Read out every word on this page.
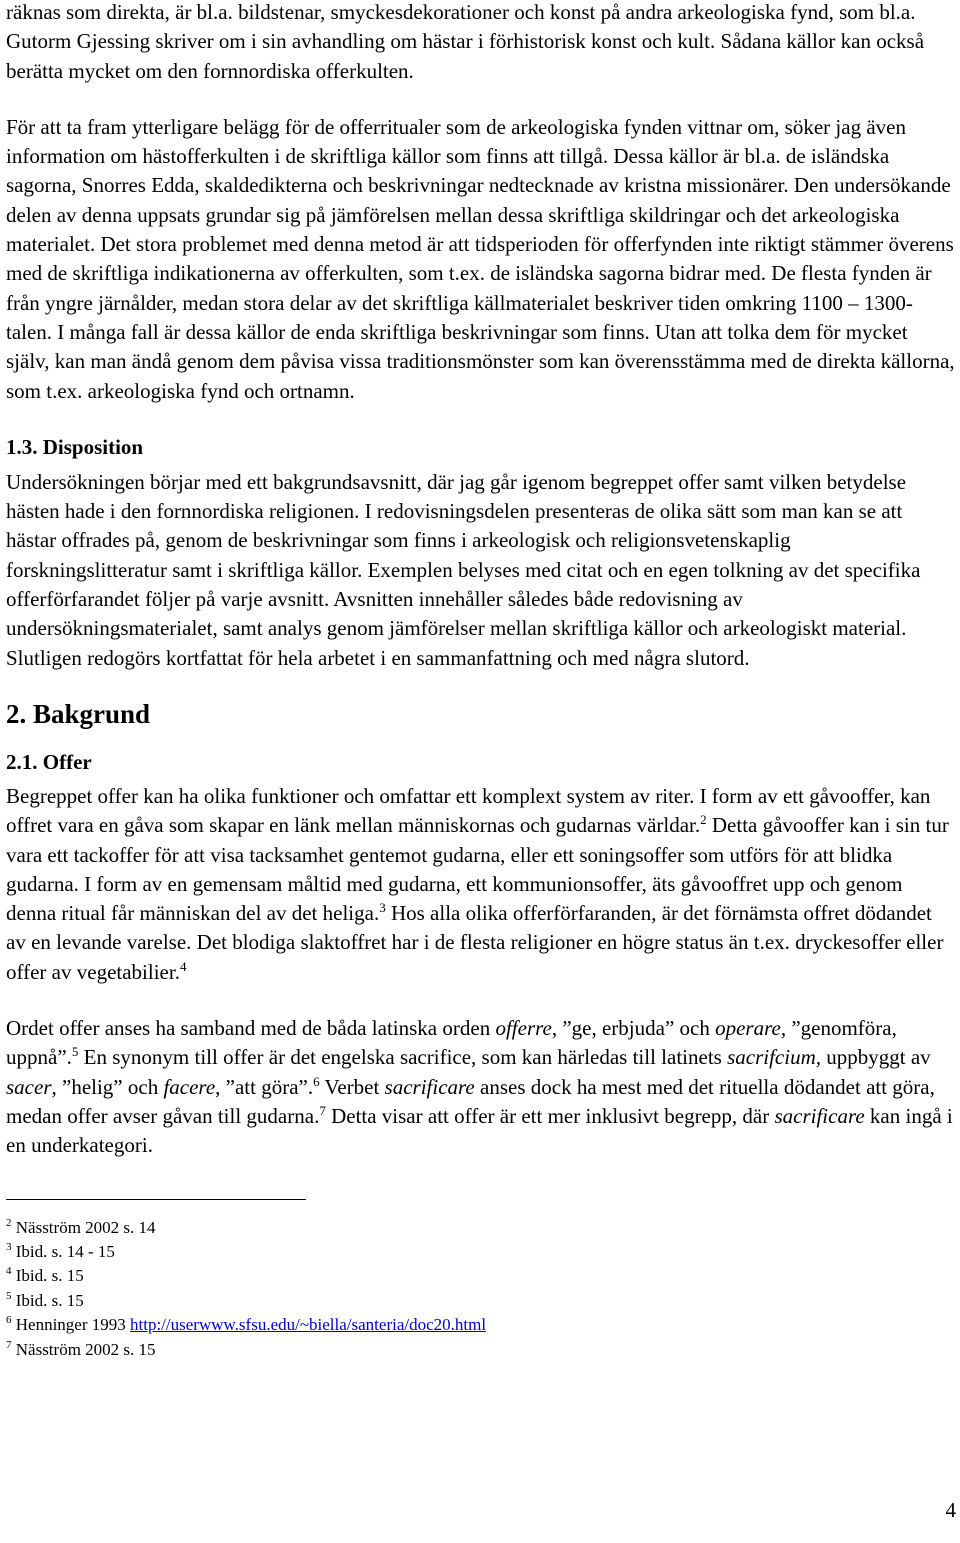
räknas som direkta, är bl.a. bildstenar, smyckesdekorationer och konst på andra arkeologiska fynd, som bl.a. Gutorm Gjessing skriver om i sin avhandling om hästar i förhistorisk konst och kult. Sådana källor kan också berätta mycket om den fornnordiska offerkulten.

För att ta fram ytterligare belägg för de offerritualer som de arkeologiska fynden vittnar om, söker jag även information om hästofferkulten i de skriftliga källor som finns att tillgå. Dessa källor är bl.a. de isländska sagorna, Snorres Edda, skaldedikterna och beskrivningar nedtecknade av kristna missionärer. Den undersökande delen av denna uppsats grundar sig på jämförelsen mellan dessa skriftliga skildringar och det arkeologiska materialet. Det stora problemet med denna metod är att tidsperioden för offerfynden inte riktigt stämmer överens med de skriftliga indikationerna av offerkulten, som t.ex. de isländska sagorna bidrar med. De flesta fynden är från yngre järnålder, medan stora delar av det skriftliga källmaterialet beskriver tiden omkring 1100 – 1300-talen. I många fall är dessa källor de enda skriftliga beskrivningar som finns. Utan att tolka dem för mycket själv, kan man ändå genom dem påvisa vissa traditionsmönster som kan överensstämma med de direkta källorna, som t.ex. arkeologiska fynd och ortnamn.

1.3. Disposition

Undersökningen börjar med ett bakgrundsavsnitt, där jag går igenom begreppet offer samt vilken betydelse hästen hade i den fornnordiska religionen. I redovisningsdelen presenteras de olika sätt som man kan se att hästar offrades på, genom de beskrivningar som finns i arkeologisk och religionsvetenskaplig forskningslitteratur samt i skriftliga källor. Exemplen belyses med citat och en egen tolkning av det specifika offerförfarandet följer på varje avsnitt. Avsnitten innehåller således både redovisning av undersökningsmaterialet, samt analys genom jämförelser mellan skriftliga källor och arkeologiskt material. Slutligen redogörs kortfattat för hela arbetet i en sammanfattning och med några slutord.

2. Bakgrund
2.1. Offer

Begreppet offer kan ha olika funktioner och omfattar ett komplext system av riter. I form av ett gåvooffer, kan offret vara en gåva som skapar en länk mellan människornas och gudarnas världar.$^2$ Detta gåvooffer kan i sin tur vara ett tackoffer för att visa tacksamhet gentemot gudarna, eller ett soningsoffer som utförs för att blidka gudarna. I form av en gemensam måltid med gudarna, ett kommunionsoffer, äts gåvooffret upp och genom denna ritual får människan del av det heliga.$^3$ Hos alla olika offerförfaranden, är det förnämsta offret dödandet av en levande varelse. Det blodiga slaktoffret har i de flesta religioner en högre status än t.ex. dryckesoffer eller offer av vegetabilier.$^4$

Ordet offer anses ha samband med de båda latinska orden offerre, ”ge, erbjuda” och operare, ”genomföra, uppnå”.$^5$ En synonym till offer är det engelska sacrifice, som kan härledas till latinets sacrifcium, uppbyggt av sacer, ”helig” och facere, ”att göra”.$^6$ Verbet sacrificare anses dock ha mest med det rituella dödandet att göra, medan offer avser gåvan till gudarna.$^7$ Detta visar att offer är ett mer inklusivt begrepp, där sacrificare kan ingå i en underkategori.

$^2$ Näsström 2002 s. 14
$^3$ Ibid. s. 14 - 15
$^4$ Ibid. s. 15
$^5$ Ibid. s. 15
$^6$ Henninger 1993 http://userwww.sfsu.edu/~biella/santeria/doc20.html
$^7$ Näsström 2002 s. 15
4
